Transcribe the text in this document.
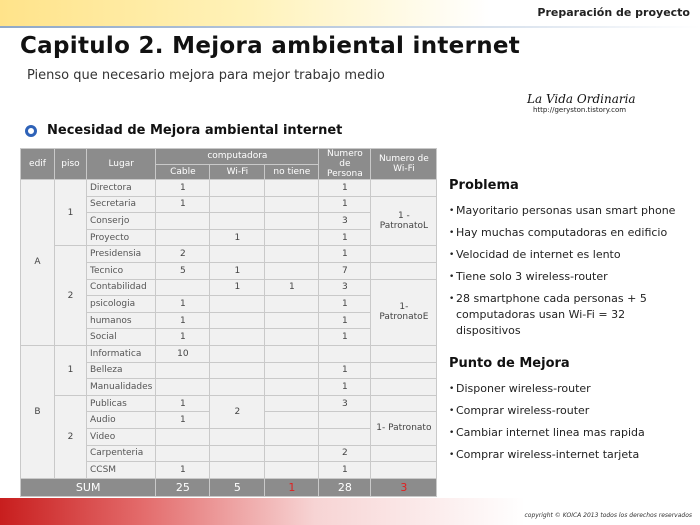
Preparación de proyecto
Capitulo 2. Mejora ambiental internet
Pienso que necesario mejora para mejor trabajo medio
La Vida Ordinaria
http://geryston.tistory.com
Necesidad de Mejora ambiental internet
edif	piso	Lugar	computadora			Numero de Persona	Numero de Wi-Fi
			Cable	Wi-Fi	no tiene		
A	1	Directora	1			1	
		Secretaria	1			1	1 - PatronatoL
		Conserjo				3	
		Proyecto		1		1	
	2	Presidensia	2			1	
		Tecnico	5	1		7	
		Contabilidad		1	1	3	1- PatronatoE
		psicologia	1			1	
		humanos	1			1	
		Social	1			1	
B	1	Informatica	10				
		Belleza				1	
		Manualidades				1	
	2	Publicas	1	2		3	
		Audio	1				1- Patronato
		Video					
		Carpenteria				2	
		CCSM	1			1	
SUM			25	5	1	28	3
Problema
• Mayoritario personas usan smart phone
• Hay muchas computadoras en edificio
• Velocidad de internet es lento
• Tiene solo 3 wireless-router
• 28 smartphone cada personas + 5 computadoras usan Wi-Fi = 32 dispositivos
Punto de Mejora
• Disponer wireless-router
• Comprar wireless-router
• Cambiar internet linea mas rapida
• Comprar wireless-internet tarjeta
copyright © KOICA 2013 todos los derechos reservados
